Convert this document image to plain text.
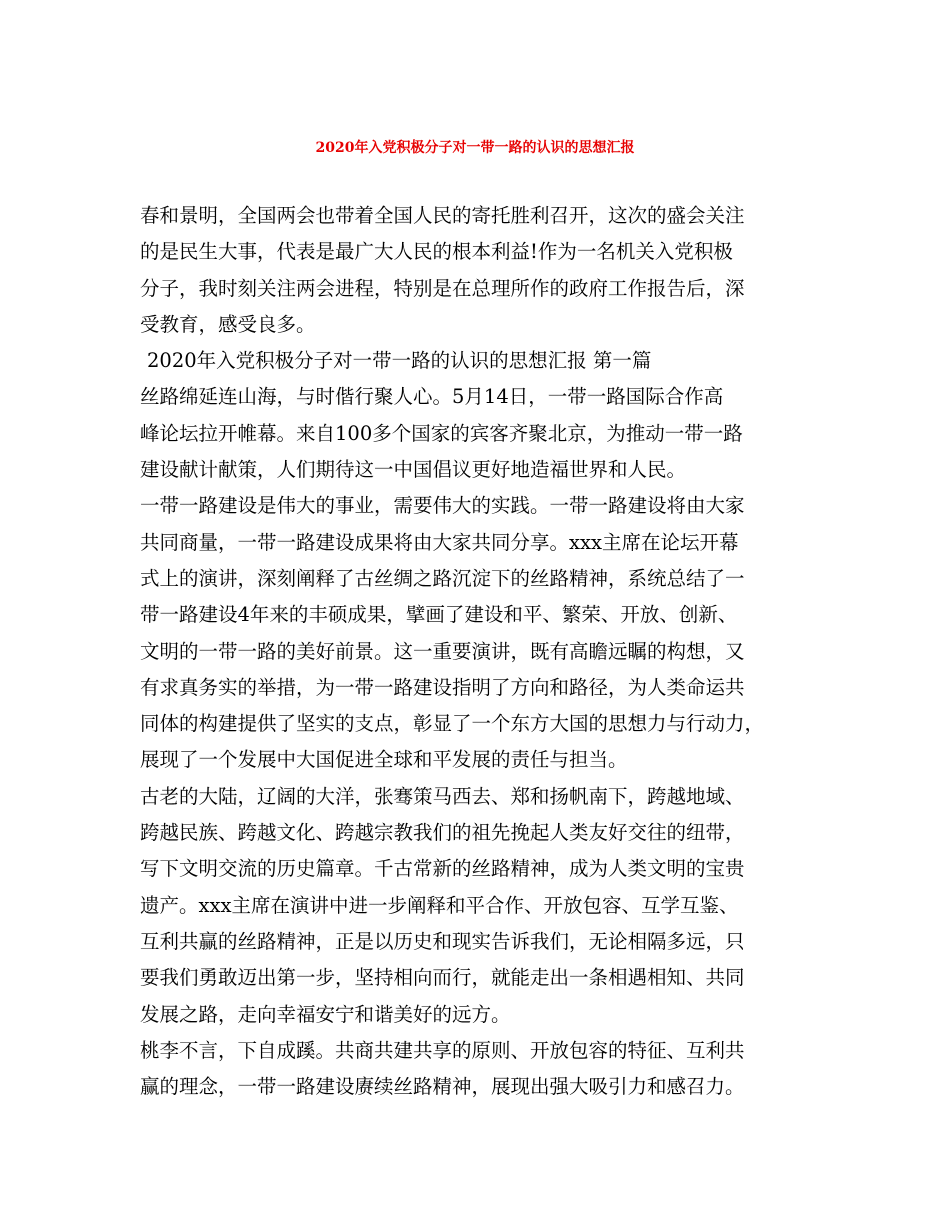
2020年入党积极分子对一带一路的认识的思想汇报
春和景明，全国两会也带着全国人民的寄托胜利召开，这次的盛会关注
的是民生大事，代表是最广大人民的根本利益!作为一名机关入党积极
分子，我时刻关注两会进程，特别是在总理所作的政府工作报告后，深
受教育，感受良多。
2020年入党积极分子对一带一路的认识的思想汇报 第一篇
丝路绵延连山海，与时偕行聚人心。5月14日，一带一路国际合作高
峰论坛拉开帷幕。来自100多个国家的宾客齐聚北京，为推动一带一路
建设献计献策，人们期待这一中国倡议更好地造福世界和人民。
一带一路建设是伟大的事业，需要伟大的实践。一带一路建设将由大家
共同商量，一带一路建设成果将由大家共同分享。xxx主席在论坛开幕
式上的演讲，深刻阐释了古丝绸之路沉淀下的丝路精神，系统总结了一
带一路建设4年来的丰硕成果，擘画了建设和平、繁荣、开放、创新、
文明的一带一路的美好前景。这一重要演讲，既有高瞻远瞩的构想，又
有求真务实的举措，为一带一路建设指明了方向和路径，为人类命运共
同体的构建提供了坚实的支点，彰显了一个东方大国的思想力与行动力，
展现了一个发展中大国促进全球和平发展的责任与担当。
古老的大陆，辽阔的大洋，张骞策马西去、郑和扬帆南下，跨越地域、
跨越民族、跨越文化、跨越宗教我们的祖先挽起人类友好交往的纽带，
写下文明交流的历史篇章。千古常新的丝路精神，成为人类文明的宝贵
遗产。xxx主席在演讲中进一步阐释和平合作、开放包容、互学互鉴、
互利共赢的丝路精神，正是以历史和现实告诉我们，无论相隔多远，只
要我们勇敢迈出第一步，坚持相向而行，就能走出一条相遇相知、共同
发展之路，走向幸福安宁和谐美好的远方。
桃李不言，下自成蹊。共商共建共享的原则、开放包容的特征、互利共
赢的理念，一带一路建设赓续丝路精神，展现出强大吸引力和感召力。
